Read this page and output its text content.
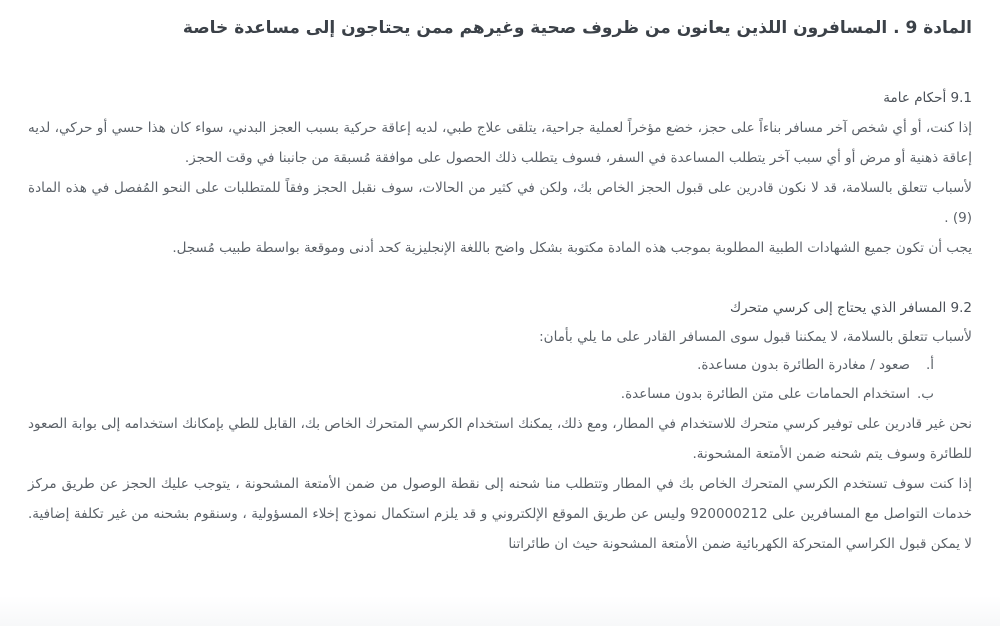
المادة 9 . المسافرون اللذين يعانون من ظروف صحية وغيرهم ممن يحتاجون إلى مساعدة خاصة

9.1 أحكام عامة

إذا كنت، أو أي شخص آخر مسافر بناءاً على حجز، خضع مؤخراً لعملية جراحية، يتلقى علاج طبي، لديه إعاقة حركية بسبب العجز البدني، سواء كان هذا حسي أو حركي، لديه إعاقة ذهنية أو مرض أو أي سبب آخر يتطلب المساعدة في السفر، فسوف يتطلب ذلك الحصول على موافقة مُسبقة من جانبنا في وقت الحجز.

لأسباب تتعلق بالسلامة، قد لا نكون قادرين على قبول الحجز الخاص بك، ولكن في كثير من الحالات، سوف نقبل الحجز وفقاً للمتطلبات على النحو المُفصل في هذه المادة (9) .

يجب أن تكون جميع الشهادات الطبية المطلوبة بموجب هذه المادة مكتوبة بشكل واضح باللغة الإنجليزية كحد أدنى وموقعة بواسطة طبيب مُسجل.

9.2 المسافر الذي يحتاج إلى كرسي متحرك

لأسباب تتعلق بالسلامة، لا يمكننا قبول سوى المسافر القادر على ما يلي بأمان:

أ.
صعود / مغادرة الطائرة بدون مساعدة.
ب.
استخدام الحمامات على متن الطائرة بدون مساعدة.

نحن غير قادرين على توفير كرسي متحرك للاستخدام في المطار، ومع ذلك، يمكنك استخدام الكرسي المتحرك الخاص بك، القابل للطي بإمكانك استخدامه إلى بوابة الصعود للطائرة وسوف يتم شحنه ضمن الأمتعة المشحونة.

إذا كنت سوف تستخدم الكرسي المتحرك الخاص بك في المطار وتتطلب منا شحنه إلى نقطة الوصول من ضمن الأمتعة المشحونة ، يتوجب عليك الحجز عن طريق مركز خدمات التواصل مع المسافرين على 920000212 وليس عن طريق الموقع الإلكتروني و قد يلزم استكمال نموذج إخلاء المسؤولية ، وسنقوم بشحنه من غير تكلفة إضافية. لا يمكن قبول الكراسي المتحركة الكهربائية ضمن الأمتعة المشحونة حيث ان طائراتنا
